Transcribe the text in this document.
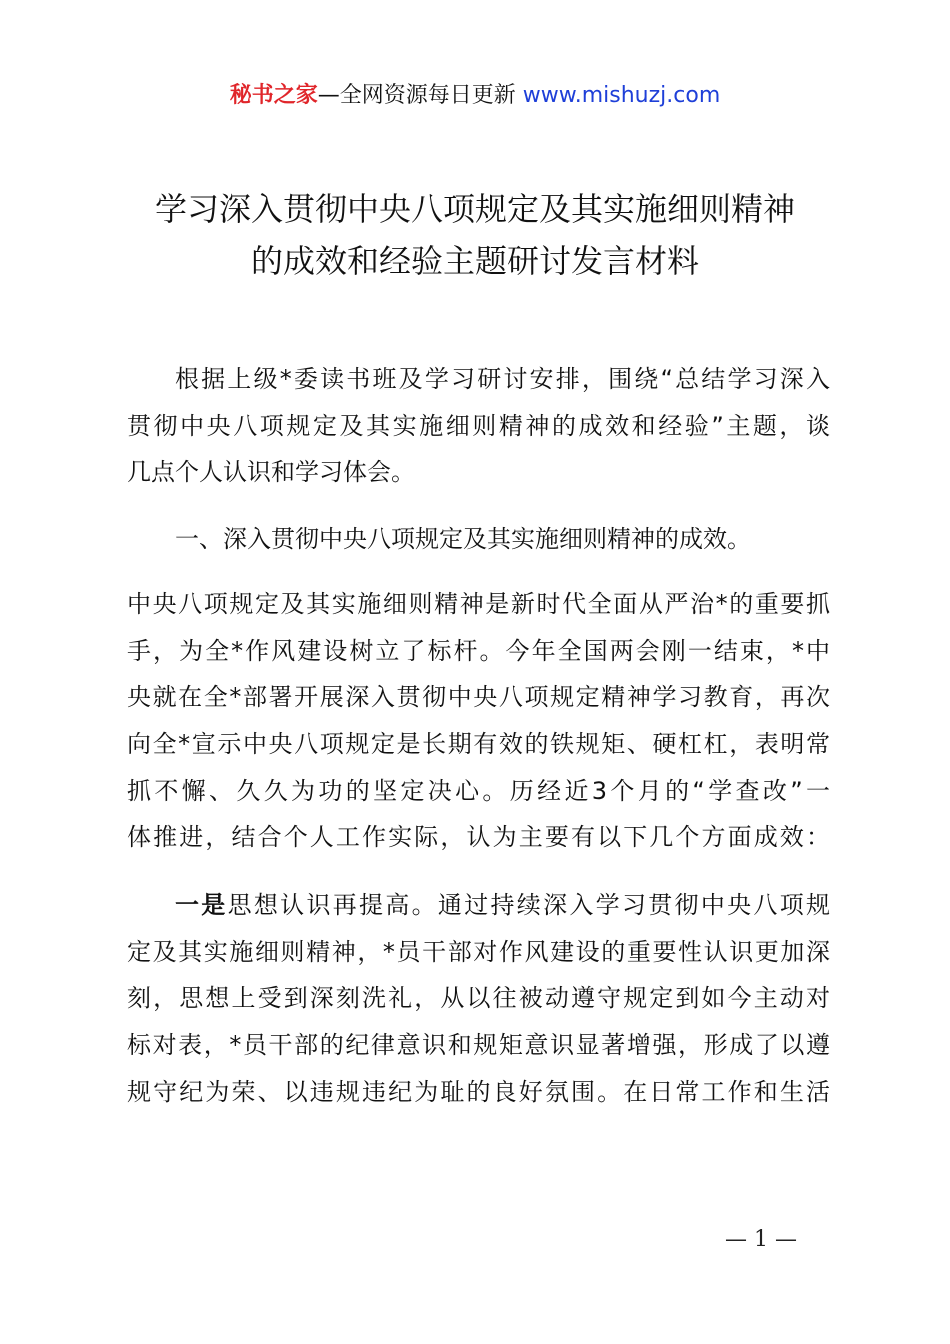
秘书之家—全网资源每日更新 www.mishuzj.com
学习深入贯彻中央八项规定及其实施细则精神
的成效和经验主题研讨发言材料
根据上级*委读书班及学习研讨安排，围绕“总结学习深入
贯彻中央八项规定及其实施细则精神的成效和经验”主题，谈
几点个人认识和学习体会。
一、深入贯彻中央八项规定及其实施细则精神的成效。
中央八项规定及其实施细则精神是新时代全面从严治*的重要抓
手，为全*作风建设树立了标杆。今年全国两会刚一结束，*中
央就在全*部署开展深入贯彻中央八项规定精神学习教育，再次
向全*宣示中央八项规定是长期有效的铁规矩、硬杠杠，表明常
抓不懈、久久为功的坚定决心。历经近3个月的“学查改”一
体推进，结合个人工作实际，认为主要有以下几个方面成效：
一是思想认识再提高。通过持续深入学习贯彻中央八项规
定及其实施细则精神，*员干部对作风建设的重要性认识更加深
刻，思想上受到深刻洗礼，从以往被动遵守规定到如今主动对
标对表，*员干部的纪律意识和规矩意识显著增强，形成了以遵
规守纪为荣、以违规违纪为耻的良好氛围。在日常工作和生活
— 1 —
